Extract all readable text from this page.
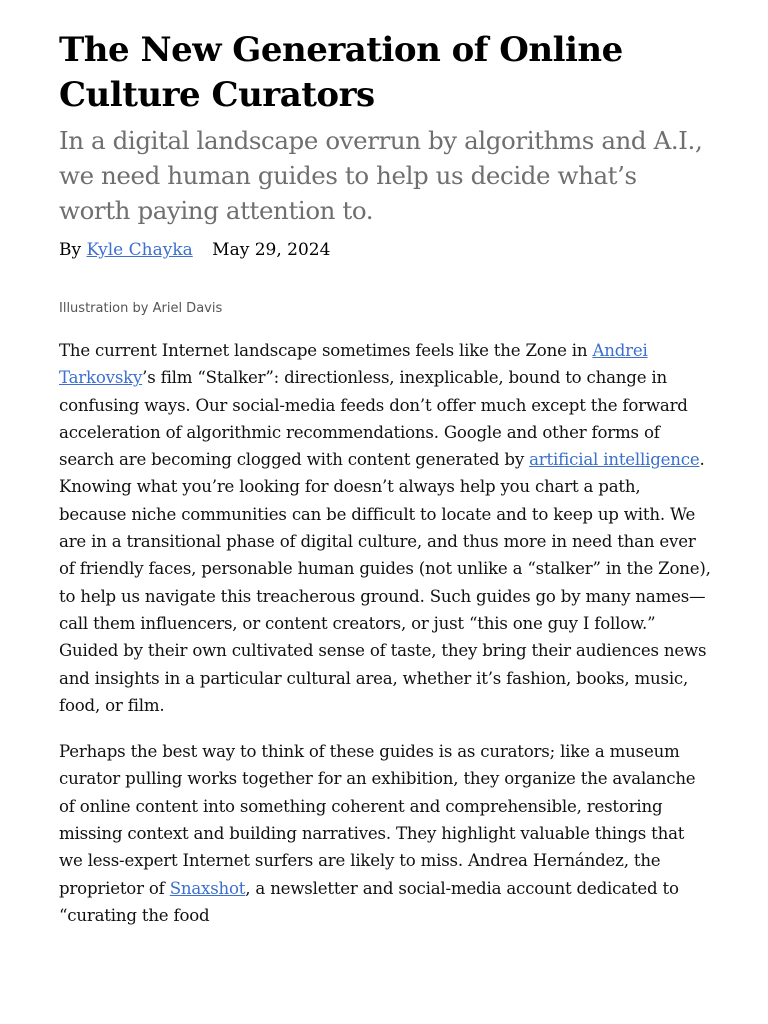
The New Generation of Online Culture Curators

In a digital landscape overrun by algorithms and A.I., we need human guides to help us decide what’s worth paying attention to.

By Kyle Chayka May 29, 2024
Illustration by Ariel Davis

The current Internet landscape sometimes feels like the Zone in Andrei Tarkovsky’s film “Stalker”: directionless, inexplicable, bound to change in confusing ways. Our social-media feeds don’t offer much except the forward acceleration of algorithmic recommendations. Google and other forms of search are becoming clogged with content generated by artificial intelligence. Knowing what you’re looking for doesn’t always help you chart a path, because niche communities can be difficult to locate and to keep up with. We are in a transitional phase of digital culture, and thus more in need than ever of friendly faces, personable human guides (not unlike a “stalker” in the Zone), to help us navigate this treacherous ground. Such guides go by many names—call them influencers, or content creators, or just “this one guy I follow.” Guided by their own cultivated sense of taste, they bring their audiences news and insights in a particular cultural area, whether it’s fashion, books, music, food, or film.

Perhaps the best way to think of these guides is as curators; like a museum curator pulling works together for an exhibition, they organize the avalanche of online content into something coherent and comprehensible, restoring missing context and building narratives. They highlight valuable things that we less-expert Internet surfers are likely to miss. Andrea Hernández, the proprietor of Snaxshot, a newsletter and social-media account dedicated to “curating the food
